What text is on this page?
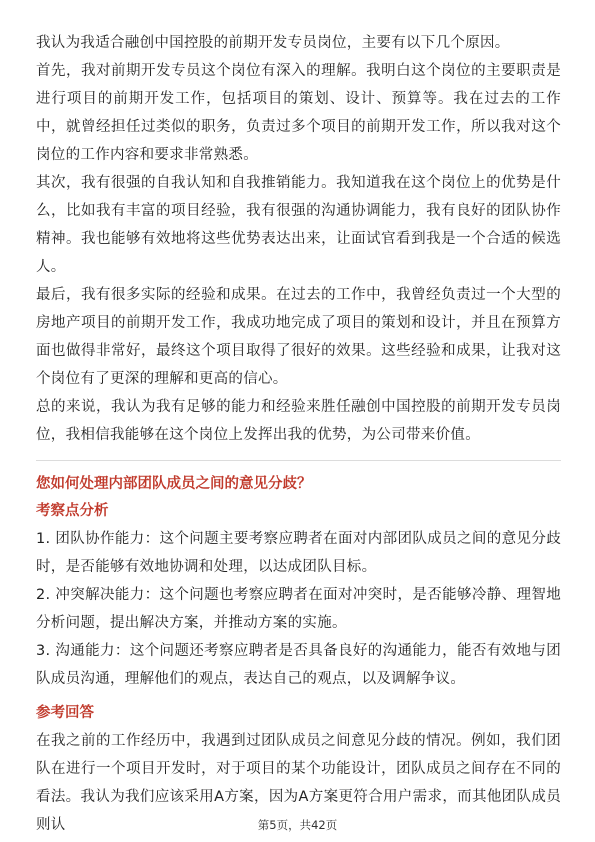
我认为我适合融创中国控股的前期开发专员岗位，主要有以下几个原因。

首先，我对前期开发专员这个岗位有深入的理解。我明白这个岗位的主要职责是进行项目的前期开发工作，包括项目的策划、设计、预算等。我在过去的工作中，就曾经担任过类似的职务，负责过多个项目的前期开发工作，所以我对这个岗位的工作内容和要求非常熟悉。

其次，我有很强的自我认知和自我推销能力。我知道我在这个岗位上的优势是什么，比如我有丰富的项目经验，我有很强的沟通协调能力，我有良好的团队协作精神。我也能够有效地将这些优势表达出来，让面试官看到我是一个合适的候选人。

最后，我有很多实际的经验和成果。在过去的工作中，我曾经负责过一个大型的房地产项目的前期开发工作，我成功地完成了项目的策划和设计，并且在预算方面也做得非常好，最终这个项目取得了很好的效果。这些经验和成果，让我对这个岗位有了更深的理解和更高的信心。

总的来说，我认为我有足够的能力和经验来胜任融创中国控股的前期开发专员岗位，我相信我能够在这个岗位上发挥出我的优势，为公司带来价值。

您如何处理内部团队成员之间的意见分歧？
考察点分析

1. 团队协作能力：这个问题主要考察应聘者在面对内部团队成员之间的意见分歧时，是否能够有效地协调和处理，以达成团队目标。

2. 冲突解决能力：这个问题也考察应聘者在面对冲突时，是否能够冷静、理智地分析问题，提出解决方案，并推动方案的实施。

3. 沟通能力：这个问题还考察应聘者是否具备良好的沟通能力，能否有效地与团队成员沟通，理解他们的观点，表达自己的观点，以及调解争议。

参考回答

在我之前的工作经历中，我遇到过团队成员之间意见分歧的情况。例如，我们团队在进行一个项目开发时，对于项目的某个功能设计，团队成员之间存在不同的看法。我认为我们应该采用A方案，因为A方案更符合用户需求，而其他团队成员则认	第5页，共42页
